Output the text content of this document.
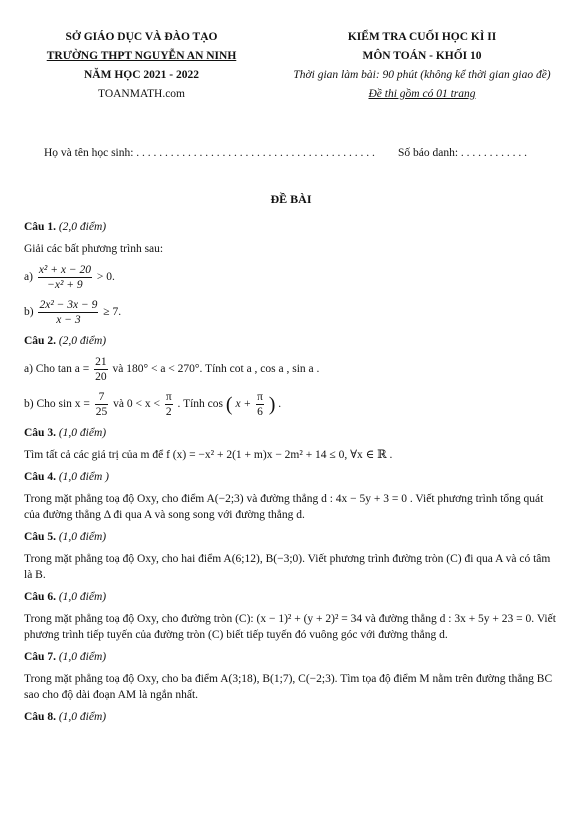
SỞ GIÁO DỤC VÀ ĐÀO TẠO
TRƯỜNG THPT NGUYỄN AN NINH
NĂM HỌC 2021 - 2022
TOANMATH.com
KIỂM TRA CUỐI HỌC KÌ II
MÔN TOÁN - KHỐI 10
Thời gian làm bài: 90 phút (không kể thời gian giao đề)
Đề thi gồm có 01 trang
Họ và tên học sinh: . . . . . . . . . . . . . . . . . . . . . . . . . . . . . . . . . . . . . . . . . . Số báo danh: . . . . . . . . . . . .
ĐỀ BÀI
Câu 1. (2,0 điểm)
Giải các bất phương trình sau:
$a) \frac{\text{x² + x − 20}}{\text{−x² + 9}} > 0$.
$b) \frac{\text{2x² − 3x − 9}}{x - 3} \ge 7$.
Câu 2. (2,0 điểm)
a) Cho $\tan a = \frac{21}{20}$ và 180° < a < 270°. Tính cot a , cos a , sin a .
b) Cho $\sin x = \frac{7}{25}$ và $0 < x < \frac{\pi}{2}$ . Tính cos ( $x + \frac{\pi}{6}$ ) .
Câu 3. (1,0 điểm)
Tìm tất cả các giá trị của m để f (x) = −x² + 2(1 + m)x − 2m² + 14 ≤ 0, ∀x ∈ ℝ .
Câu 4. (1,0 điểm )
Trong mặt phẳng toạ độ Oxy, cho điểm A(−2;3) và đường thẳng d : 4x − 5y + 3 = 0 . Viết phương trình tổng quát của đường thẳng Δ đi qua A và song song với đường thẳng d.
Câu 5. (1,0 điểm)
Trong mặt phẳng toạ độ Oxy, cho hai điểm A(6;12), B(−3;0). Viết phương trình đường tròn (C) đi qua A và có tâm là B.
Câu 6. (1,0 điểm)
Trong mặt phẳng toạ độ Oxy, cho đường tròn (C): (x − 1)² + (y + 2)² = 34 và đường thẳng d : 3x + 5y + 23 = 0. Viết phương trình tiếp tuyến của đường tròn (C) biết tiếp tuyến đó vuông góc với đường thẳng d.
Câu 7. (1,0 điểm)
Trong mặt phẳng toạ độ Oxy, cho ba điểm A(3;18), B(1;7), C(−2;3). Tìm tọa độ điểm M nằm trên đường thẳng BC sao cho độ dài đoạn AM là ngắn nhất.
Câu 8. (1,0 điểm)
